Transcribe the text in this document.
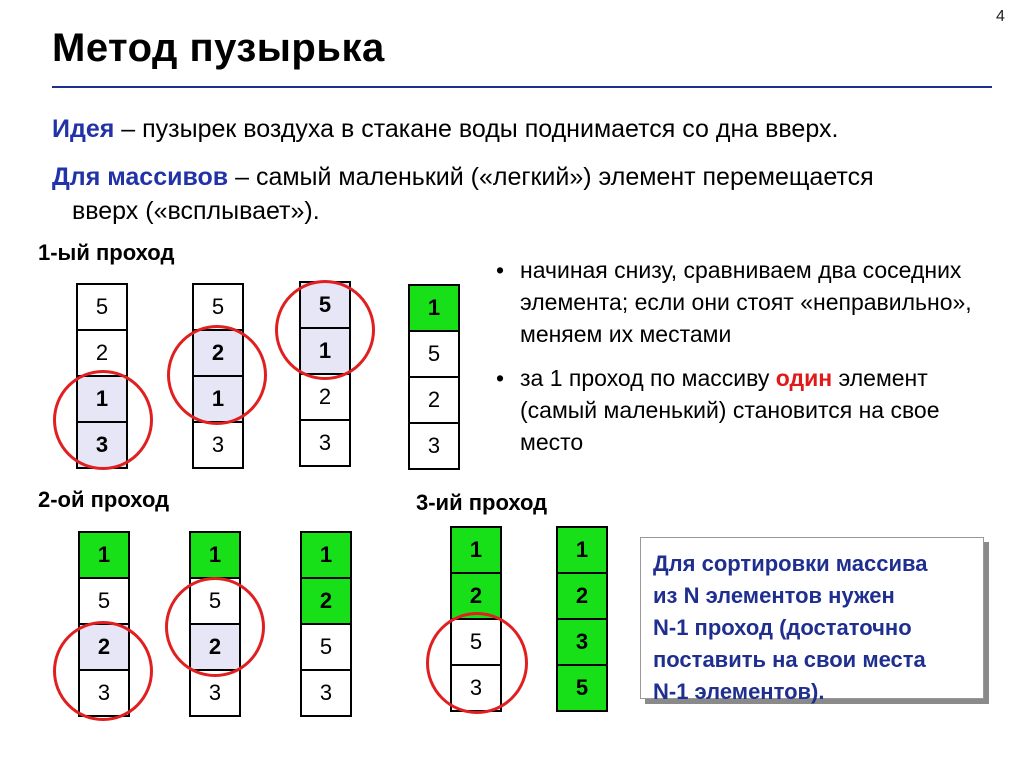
4
Метод пузырька
Идея – пузырек воздуха в стакане воды поднимается со дна вверх.
Для массивов – самый маленький («легкий») элемент перемещается
вверх («всплывает»).
1-ый проход
2-ой проход	3-ий проход
• начиная снизу, сравниваем два соседних элемента; если они стоят «неправильно», меняем их местами
• за 1 проход по массиву один элемент (самый маленький) становится на свое место
5
2
1
3
5
2
1
3
5
1
2
3
1
5
2
3
1
5
2
3
1
5
2
3
1
2
5
3
1
2
5
3
1
2
3
5
Для сортировки массива
из N элементов нужен
N-1 проход (достаточно
поставить на свои места
N-1 элементов).
